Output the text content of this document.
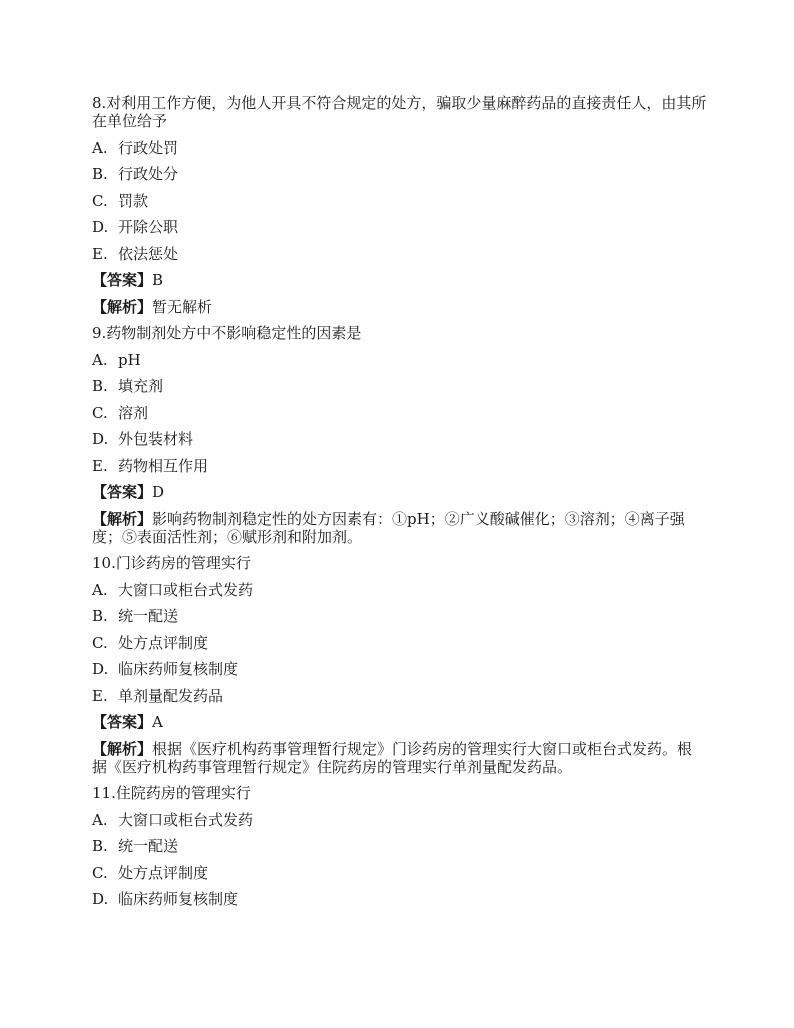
8.对利用工作方便，为他人开具不符合规定的处方，骗取少量麻醉药品的直接责任人，由其所在单位给予
A. 行政处罚
B. 行政处分
C. 罚款
D. 开除公职
E. 依法惩处
【答案】B
【解析】暂无解析
9.药物制剂处方中不影响稳定性的因素是
A. pH
B. 填充剂
C. 溶剂
D. 外包装材料
E. 药物相互作用
【答案】D
【解析】影响药物制剂稳定性的处方因素有：①pH；②广义酸碱催化；③溶剂；④离子强度；⑤表面活性剂；⑥赋形剂和附加剂。
10.门诊药房的管理实行
A. 大窗口或柜台式发药
B. 统一配送
C. 处方点评制度
D. 临床药师复核制度
E. 单剂量配发药品
【答案】A
【解析】根据《医疗机构药事管理暂行规定》门诊药房的管理实行大窗口或柜台式发药。根据《医疗机构药事管理暂行规定》住院药房的管理实行单剂量配发药品。
11.住院药房的管理实行
A. 大窗口或柜台式发药
B. 统一配送
C. 处方点评制度
D. 临床药师复核制度
